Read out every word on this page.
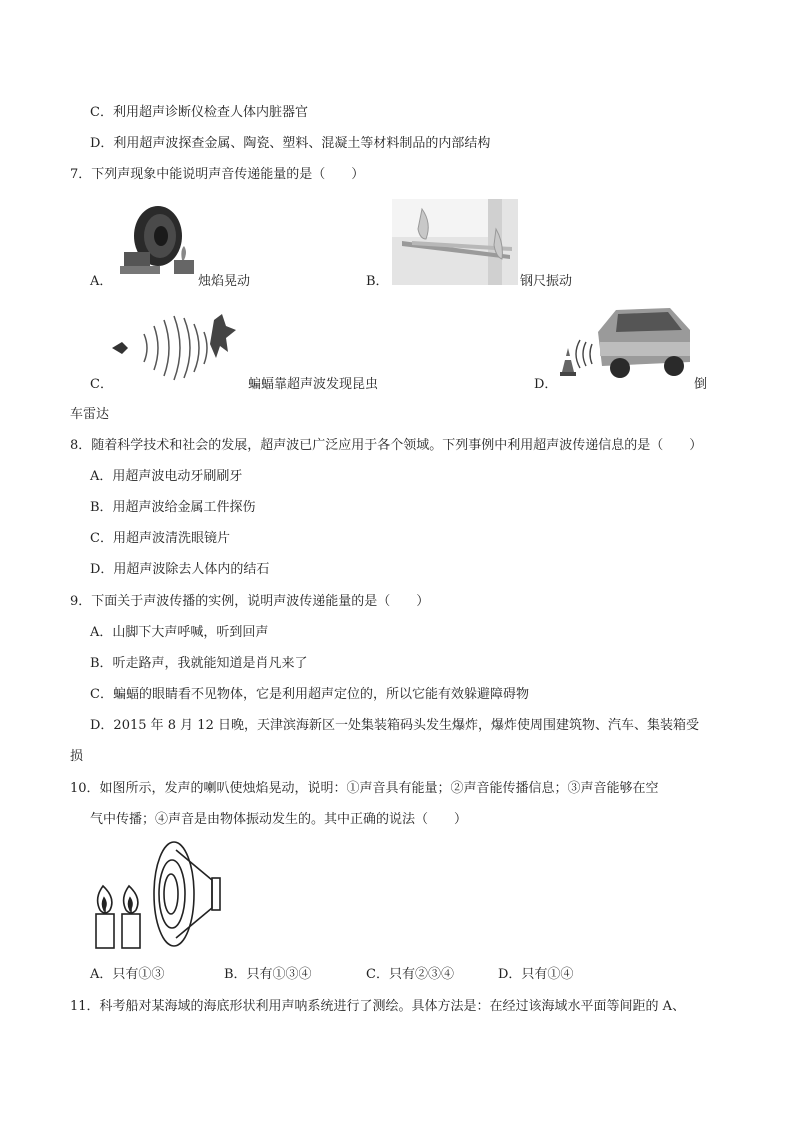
C．利用超声诊断仪检查人体内脏器官
D．利用超声波探查金属、陶瓷、塑料、混凝土等材料制品的内部结构
7．下列声现象中能说明声音传递能量的是（　　）
A．	烛焰晃动	B．	钢尺振动
C．	蝙蝠靠超声波发现昆虫	D．	倒
车雷达
8．随着科学技术和社会的发展，超声波已广泛应用于各个领域。下列事例中利用超声波传递信息的是（　　）
A．用超声波电动牙刷刷牙
B．用超声波给金属工件探伤
C．用超声波清洗眼镜片
D．用超声波除去人体内的结石
9．下面关于声波传播的实例，说明声波传递能量的是（　　）
A．山脚下大声呼喊，听到回声
B．听走路声，我就能知道是肖凡来了
C．蝙蝠的眼睛看不见物体，它是利用超声定位的，所以它能有效躲避障碍物
D．2015 年 8 月 12 日晚，天津滨海新区一处集装箱码头发生爆炸，爆炸使周围建筑物、汽车、集装箱受
损
10．如图所示，发声的喇叭使烛焰晃动，说明：①声音具有能量；②声音能传播信息；③声音能够在空
气中传播；④声音是由物体振动发生的。其中正确的说法（　　）
A．只有①③	B．只有①③④	C．只有②③④	D．只有①④
11．科考船对某海域的海底形状利用声呐系统进行了测绘。具体方法是：在经过该海域水平面等间距的 A、
